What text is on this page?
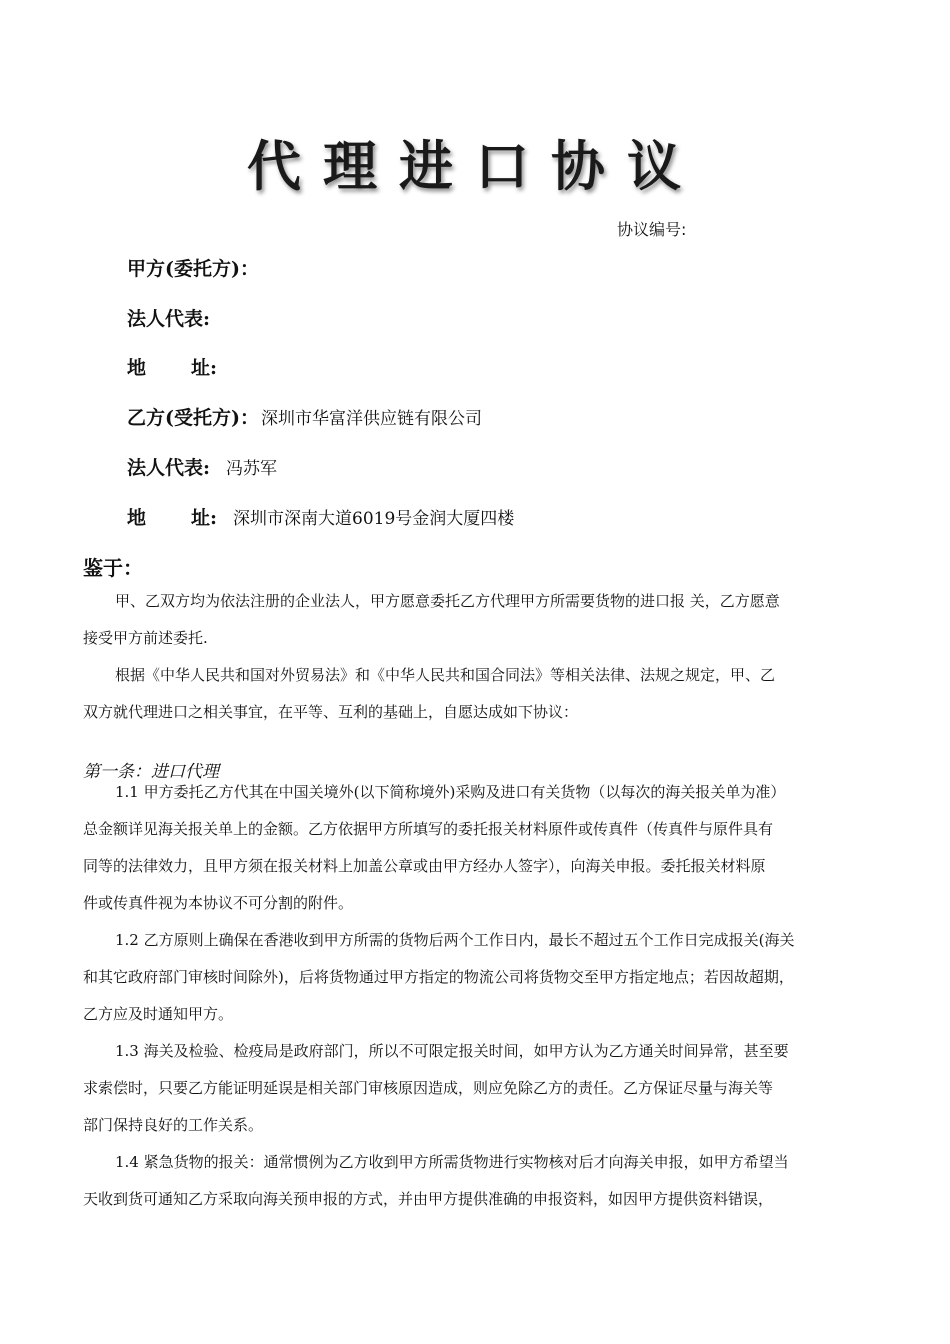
代理进口协议
协议编号:
甲方(委托方)：
法人代表:
地 址:
乙方(受托方)： 深圳市华富洋供应链有限公司
法人代表: 冯苏军
地 址: 深圳市深南大道6019号金润大厦四楼
鉴于：
甲、乙双方均为依法注册的企业法人，甲方愿意委托乙方代理甲方所需要货物的进口报 关，乙方愿意
接受甲方前述委托.
根据《中华人民共和国对外贸易法》和《中华人民共和国合同法》等相关法律、法规之规定，甲、乙
双方就代理进口之相关事宜，在平等、互利的基础上，自愿达成如下协议：
第一条：进口代理
1.1 甲方委托乙方代其在中国关境外(以下简称境外)采购及进口有关货物（以每次的海关报关单为准）
总金额详见海关报关单上的金额。乙方依据甲方所填写的委托报关材料原件或传真件（传真件与原件具有
同等的法律效力，且甲方须在报关材料上加盖公章或由甲方经办人签字），向海关申报。委托报关材料原
件或传真件视为本协议不可分割的附件。
1.2 乙方原则上确保在香港收到甲方所需的货物后两个工作日内，最长不超过五个工作日完成报关(海关
和其它政府部门审核时间除外)，后将货物通过甲方指定的物流公司将货物交至甲方指定地点；若因故超期，
乙方应及时通知甲方。
1.3 海关及检验、检疫局是政府部门，所以不可限定报关时间，如甲方认为乙方通关时间异常，甚至要
求索偿时，只要乙方能证明延误是相关部门审核原因造成，则应免除乙方的责任。乙方保证尽量与海关等
部门保持良好的工作关系。
1.4 紧急货物的报关：通常惯例为乙方收到甲方所需货物进行实物核对后才向海关申报，如甲方希望当
天收到货可通知乙方采取向海关预申报的方式，并由甲方提供准确的申报资料，如因甲方提供资料错误，
